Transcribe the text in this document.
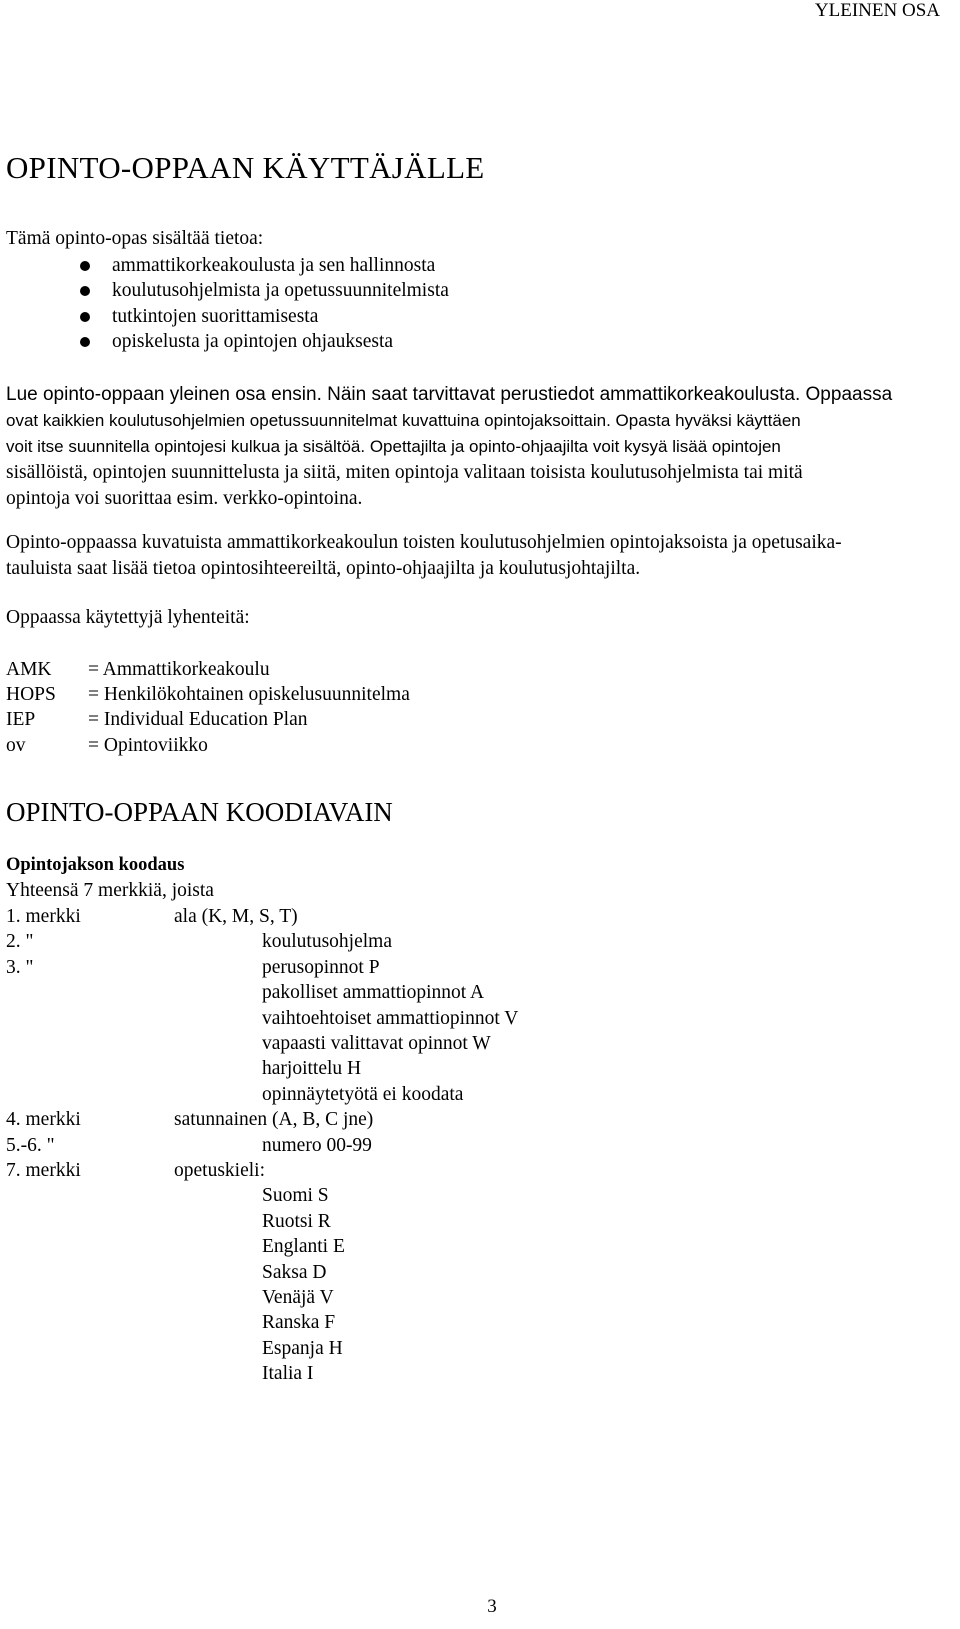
YLEINEN OSA
OPINTO-OPPAAN KÄYTTÄJÄLLE
Tämä opinto-opas sisältää tietoa:
ammattikorkeakoulusta ja sen hallinnosta
koulutusohjelmista ja opetussuunnitelmista
tutkintojen suorittamisesta
opiskelusta ja opintojen ohjauksesta
Lue opinto-oppaan yleinen osa ensin. Näin saat tarvittavat perustiedot ammattikorkeakoulusta. Oppaassa
ovat kaikkien koulutusohjelmien opetussuunnitelmat kuvattuina opintojaksoittain. Opasta hyväksi käyttäen
voit itse suunnitella opintojesi kulkua ja sisältöä. Opettajilta ja opinto-ohjaajilta voit kysyä lisää opintojen
sisällöistä, opintojen suunnittelusta ja siitä, miten opintoja valitaan toisista koulutusohjelmista tai mitä
opintoja voi suorittaa esim. verkko-opintoina.
Opinto-oppaassa kuvatuista ammattikorkeakoulun toisten koulutusohjelmien opintojaksoista ja opetusaika-
tauluista saat lisää tietoa opintosihteereiltä, opinto-ohjaajilta ja koulutusjohtajilta.
Oppaassa käytettyjä lyhenteitä:
AMK = Ammattikorkeakoulu
HOPS = Henkilökohtainen opiskelusuunnitelma
IEP	= Individual Education Plan
ov	= Opintoviikko
OPINTO-OPPAAN KOODIAVAIN
Opintojakson koodaus
Yhteensä 7 merkkiä, joista
1. merkki	ala (K, M, S, T)
2. "	koulutusohjelma
3. "	perusopinnot P
pakolliset ammattiopinnot A
vaihtoehtoiset ammattiopinnot V
vapaasti valittavat opinnot W
harjoittelu H
opinnäytetyötä ei koodata
4. merkki	satunnainen (A, B, C jne)
5.-6. "	numero 00-99
7. merkki	opetuskieli:
Suomi S
Ruotsi R
Englanti E
Saksa D
Venäjä V
Ranska F
Espanja H
Italia I
3
